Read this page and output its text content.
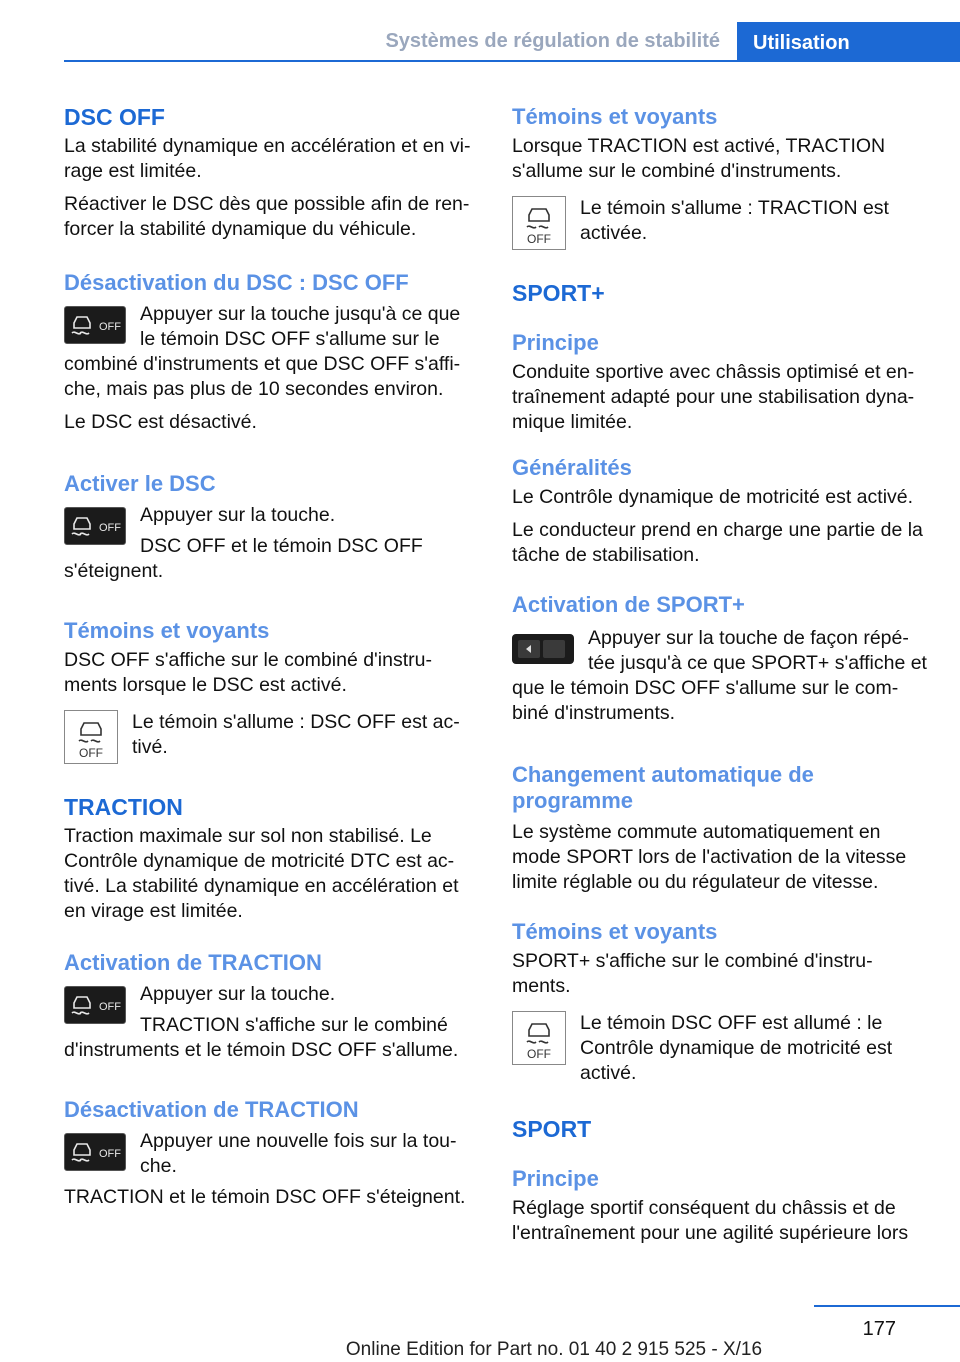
Systèmes de régulation de stabilité	Utilisation
DSC OFF

La stabilité dynamique en accélération et en vi-rage est limitée.

Réactiver le DSC dès que possible afin de ren-forcer la stabilité dynamique du véhicule.

Désactivation du DSC : DSC OFF
OFF

Appuyer sur la touche jusqu'à ce que le témoin DSC OFF s'allume sur le combiné d'instruments et que DSC OFF s'affi-che, mais pas plus de 10 secondes environ.

Le DSC est désactivé.

Activer le DSC
OFF

Appuyer sur la touche.

DSC OFF et le témoin DSC OFF s'éteignent.

Témoins et voyants

DSC OFF s'affiche sur le combiné d'instru-ments lorsque le DSC est activé.

OFF

Le témoin s'allume : DSC OFF est ac-tivé.

TRACTION

Traction maximale sur sol non stabilisé. Le Contrôle dynamique de motricité DTC est ac-tivé. La stabilité dynamique en accélération et en virage est limitée.

Activation de TRACTION
OFF

Appuyer sur la touche.

TRACTION s'affiche sur le combiné d'instruments et le témoin DSC OFF s'allume.

Désactivation de TRACTION
OFF

Appuyer une nouvelle fois sur la tou-che.

TRACTION et le témoin DSC OFF s'éteignent.

Témoins et voyants

Lorsque TRACTION est activé, TRACTION s'allume sur le combiné d'instruments.

OFF

Le témoin s'allume : TRACTION est activée.

SPORT+
Principe

Conduite sportive avec châssis optimisé et en-traînement adapté pour une stabilisation dyna-mique limitée.

Généralités

Le Contrôle dynamique de motricité est activé.

Le conducteur prend en charge une partie de la tâche de stabilisation.

Activation de SPORT+

Appuyer sur la touche de façon répé-tée jusqu'à ce que SPORT+ s'affiche et que le témoin DSC OFF s'allume sur le com-biné d'instruments.

Changement automatique de programme

Le système commute automatiquement en mode SPORT lors de l'activation de la vitesse limite réglable ou du régulateur de vitesse.

Témoins et voyants

SPORT+ s'affiche sur le combiné d'instru-ments.

OFF

Le témoin DSC OFF est allumé : le Contrôle dynamique de motricité est activé.

SPORT
Principe

Réglage sportif conséquent du châssis et de l'entraînement pour une agilité supérieure lors

177
Online Edition for Part no. 01 40 2 915 525 - X/16
